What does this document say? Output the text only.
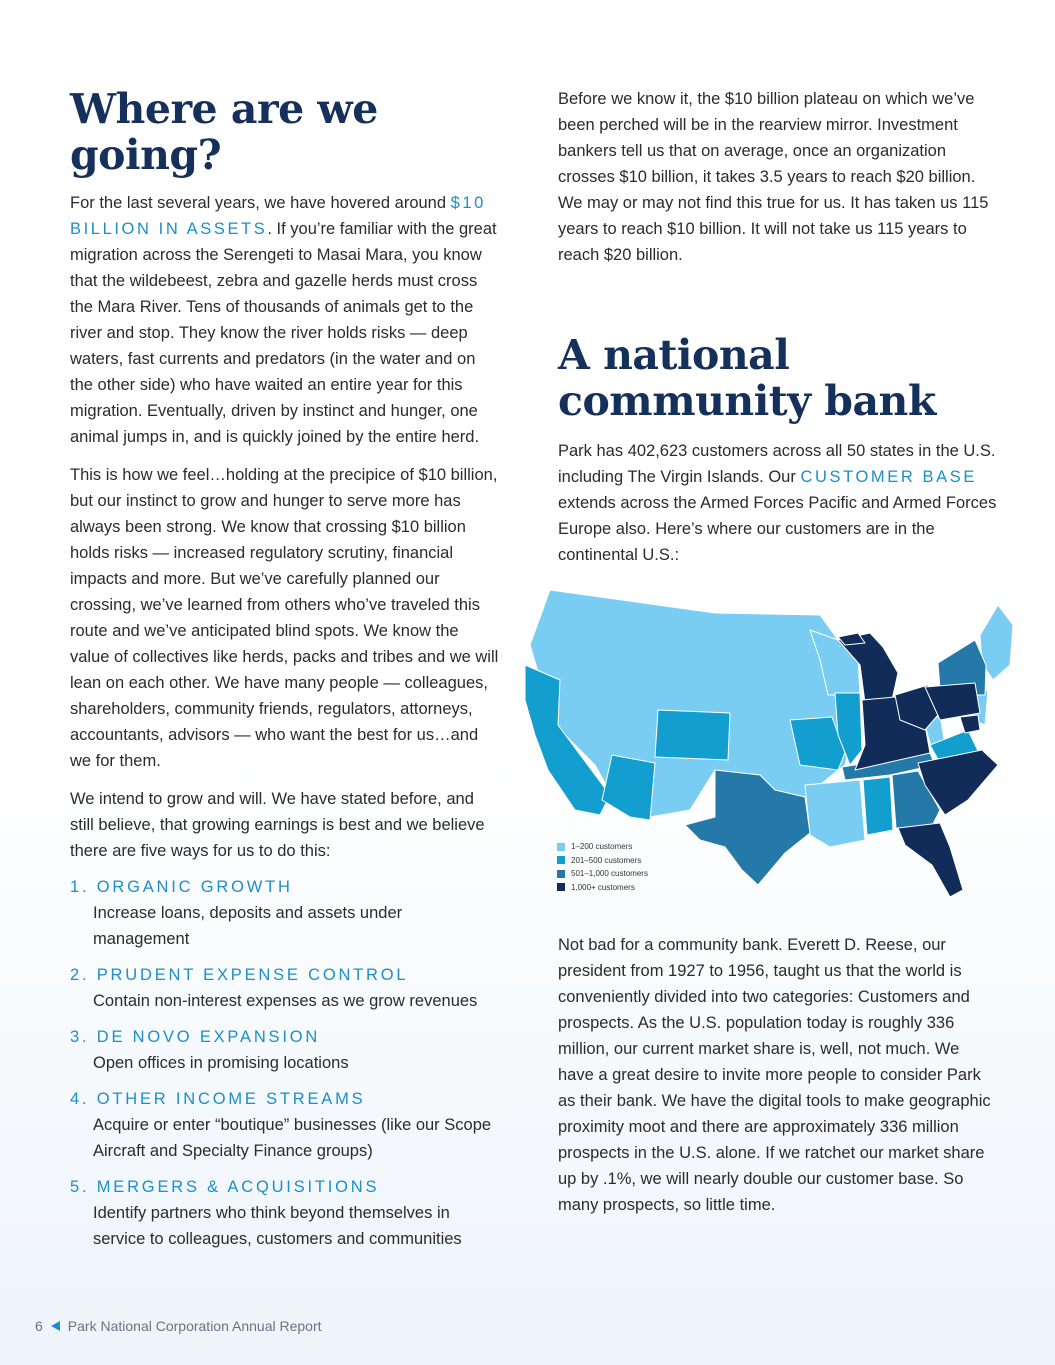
Where are we going?

For the last several years, we have hovered around $10 BILLION IN ASSETS. If you’re familiar with the great migration across the Serengeti to Masai Mara, you know that the wildebeest, zebra and gazelle herds must cross the Mara River. Tens of thousands of animals get to the river and stop. They know the river holds risks — deep waters, fast currents and predators (in the water and on the other side) who have waited an entire year for this migration. Eventually, driven by instinct and hunger, one animal jumps in, and is quickly joined by the entire herd.

This is how we feel…holding at the precipice of $10 billion, but our instinct to grow and hunger to serve more has always been strong. We know that crossing $10 billion holds risks — increased regulatory scrutiny, financial impacts and more. But we’ve carefully planned our crossing, we’ve learned from others who’ve traveled this route and we’ve anticipated blind spots. We know the value of collectives like herds, packs and tribes and we will lean on each other. We have many people — colleagues, shareholders, community friends, regulators, attorneys, accountants, advisors — who want the best for us…and we for them.

We intend to grow and will. We have stated before, and still believe, that growing earnings is best and we believe there are five ways for us to do this:

1. ORGANIC GROWTH
Increase loans, deposits and assets under management
2. PRUDENT EXPENSE CONTROL
Contain non-interest expenses as we grow revenues
3. DE NOVO EXPANSION
Open offices in promising locations
4. OTHER INCOME STREAMS
Acquire or enter “boutique” businesses (like our Scope Aircraft and Specialty Finance groups)
5. MERGERS & ACQUISITIONS
Identify partners who think beyond themselves in service to colleagues, customers and communities

Before we know it, the $10 billion plateau on which we’ve been perched will be in the rearview mirror. Investment bankers tell us that on average, once an organization crosses $10 billion, it takes 3.5 years to reach $20 billion. We may or may not find this true for us. It has taken us 115 years to reach $10 billion. It will not take us 115 years to reach $20 billion.

A national
community bank

Park has 402,623 customers across all 50 states in the U.S. including The Virgin Islands. Our CUSTOMER BASE extends across the Armed Forces Pacific and Armed Forces Europe also. Here’s where our customers are in the continental U.S.:

Not bad for a community bank. Everett D. Reese, our president from 1927 to 1956, taught us that the world is conveniently divided into two categories: Customers and prospects. As the U.S. population today is roughly 336 million, our current market share is, well, not much. We have a great desire to invite more people to consider Park as their bank. We have the digital tools to make geographic proximity moot and there are approximately 336 million prospects in the U.S. alone. If we ratchet our market share up by .1%, we will nearly double our customer base. So many prospects, so little time.

1–200 customers
201–500 customers
501–1,000 customers
1,000+ customers
6 Park National Corporation Annual Report
